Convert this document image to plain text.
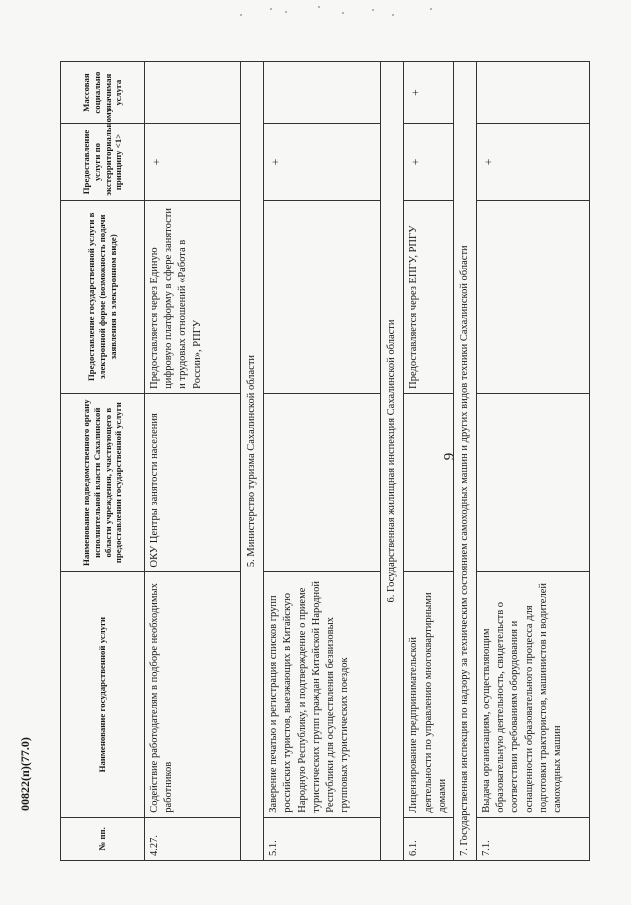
9
00822(п)(77.0)
№ пп.	Наименование государственной услуги	Наименование подведомственного органу исполнительной власти Сахалинской области учреждения, участвующего в предоставлении государственной услуги	Предоставление государственной услуги в электронной форме (возможность подачи заявления в электронном виде)	Предоставление услуги по экстерриториальному принципу <1>	Массовая социально значимая услуга
4.27.	Содействие работодателям в подборе необходимых работников	ОКУ Центры занятости населения	Предоставляется через Единую цифровую платформу в сфере занятости и трудовых отношений «Работа в России», РПГУ	+	
5. Министерство туризма Сахалинской области					
5.1.	Заверение печатью и регистрация списков групп российских туристов, выезжающих в Китайскую Народную Республику, и подтверждение о приеме туристических групп граждан Китайской Народной Республики для осуществления безвизовых групповых туристических поездок			+	
6. Государственная жилищная инспекция Сахалинской области					
6.1.	Лицензирование предпринимательской деятельности по управлению многоквартирными домами		Предоставляется через ЕПГУ, РПГУ	+	+
7. Государственная инспекция по надзору за техническим состоянием самоходных машин и других видов техники Сахалинской области					
7.1.	Выдача организациям, осуществляющим образовательную деятельность, свидетельств о соответствии требованиям оборудования и оснащенности образовательного процесса для подготовки трактористов, машинистов и водителей самоходных машин			+	
